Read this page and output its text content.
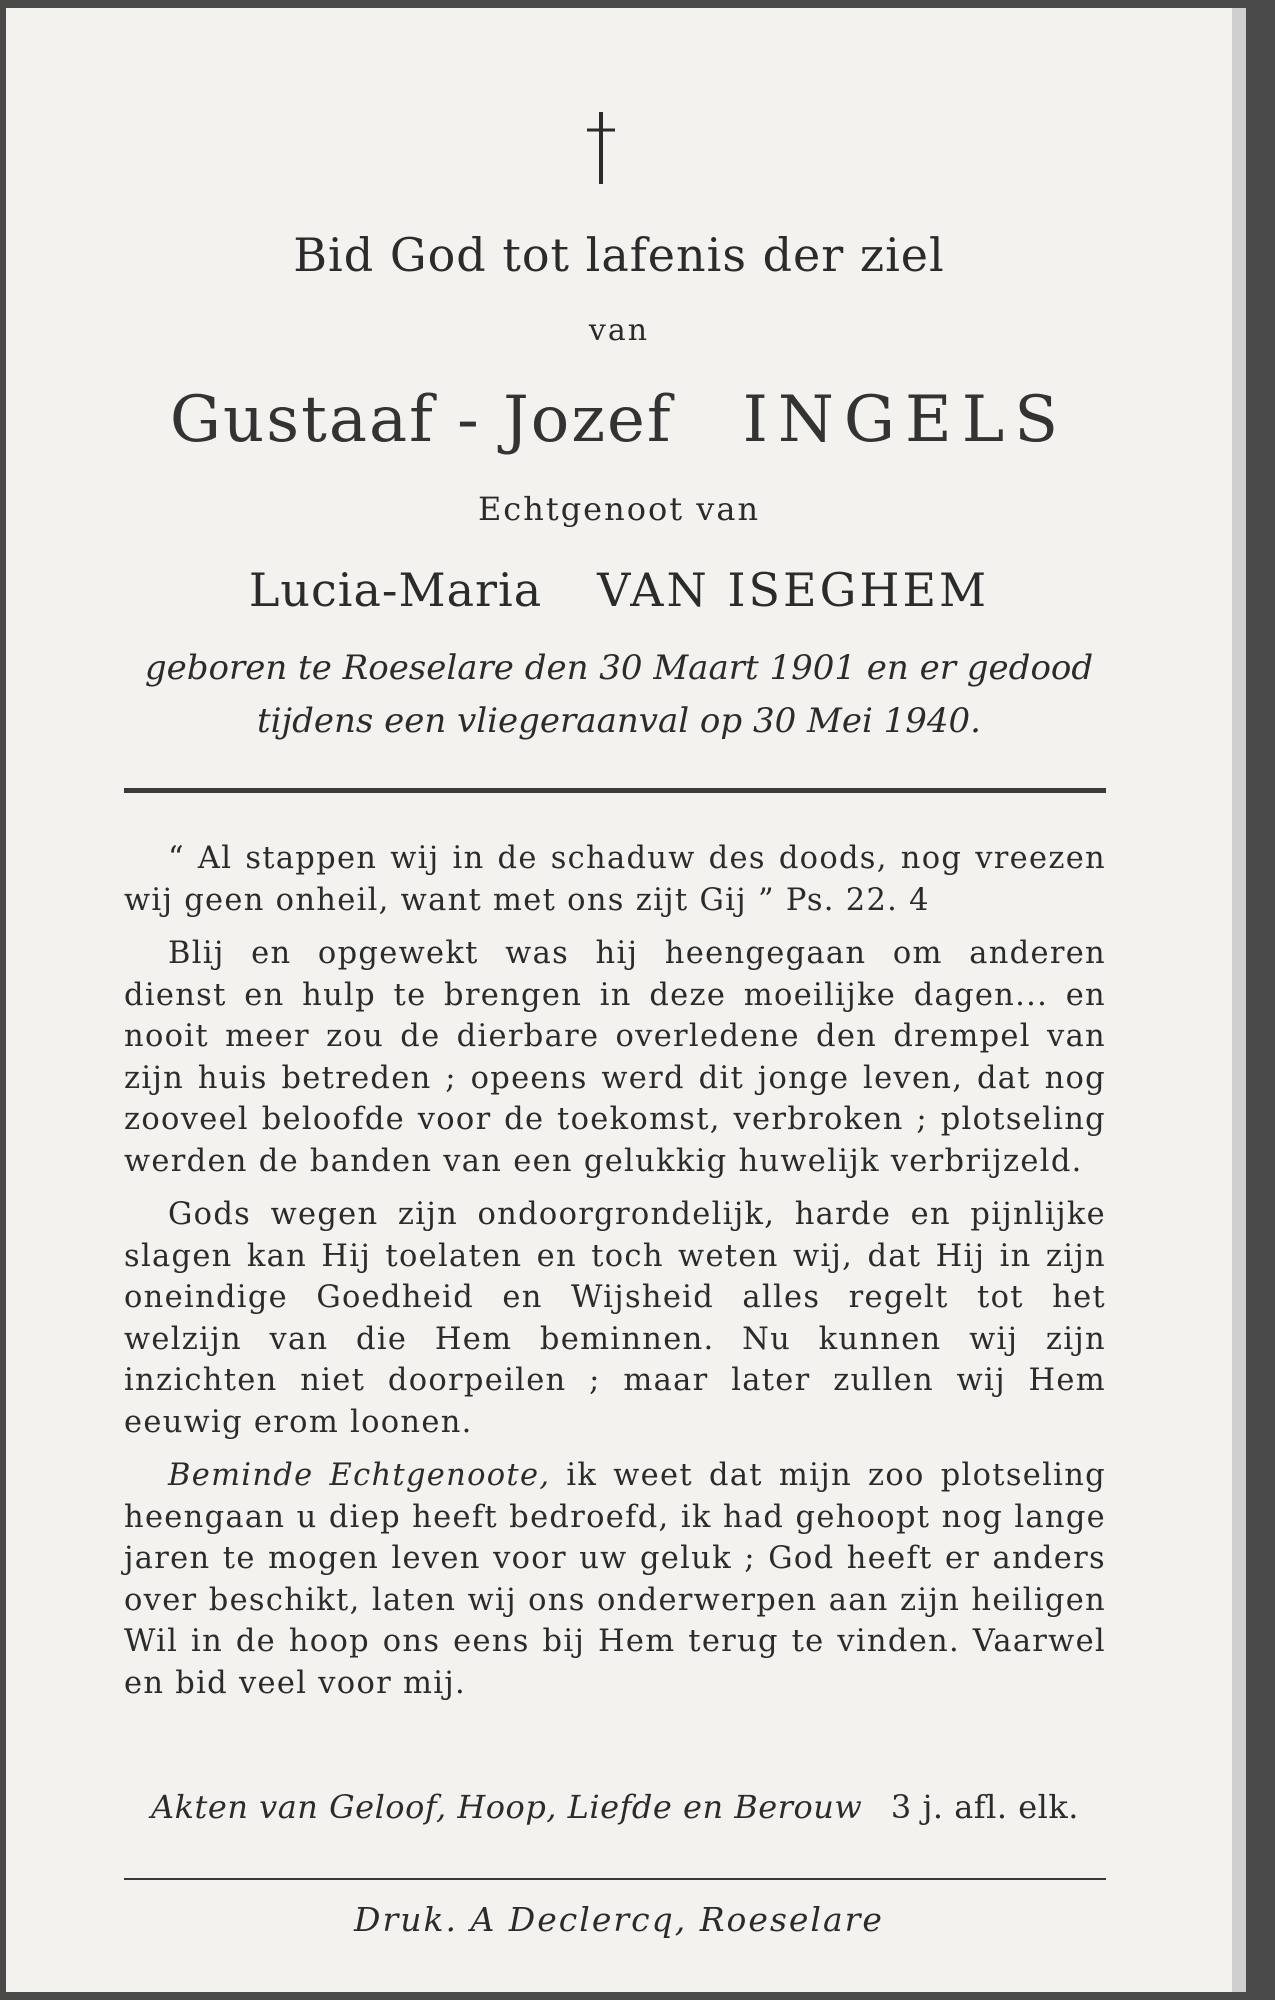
Bid God tot lafenis der ziel
van
Gustaaf - Jozef INGELS
Echtgenoot van
Lucia-Maria VAN ISEGHEM
geboren te Roeselare den 30 Maart 1901 en er gedood
tijdens een vliegeraanval op 30 Mei 1940.

“ Al stappen wij in de schaduw des doods, nog vreezen wij geen onheil, want met ons zijt Gij ” Ps. 22. 4

Blij en opgewekt was hij heengegaan om anderen dienst en hulp te brengen in deze moeilijke dagen... en nooit meer zou de dierbare overledene den drempel van zijn huis betreden ; opeens werd dit jonge leven, dat nog zooveel beloofde voor de toekomst, verbroken ; plotseling werden de banden van een gelukkig huwelijk verbrijzeld.

Gods wegen zijn ondoorgrondelijk, harde en pijnlijke slagen kan Hij toelaten en toch weten wij, dat Hij in zijn oneindige Goedheid en Wijsheid alles regelt tot het welzijn van die Hem beminnen. Nu kunnen wij zijn inzichten niet doorpeilen ; maar later zullen wij Hem eeuwig erom loonen.

Beminde Echtgenoote, ik weet dat mijn zoo plotseling heengaan u diep heeft bedroefd, ik had gehoopt nog lange jaren te mogen leven voor uw geluk ; God heeft er anders over beschikt, laten wij ons onderwerpen aan zijn heiligen Wil in de hoop ons eens bij Hem terug te vinden. Vaarwel en bid veel voor mij.

Akten van Geloof, Hoop, Liefde en Berouw 3 j. afl. elk.
Druk. A Declercq, Roeselare
